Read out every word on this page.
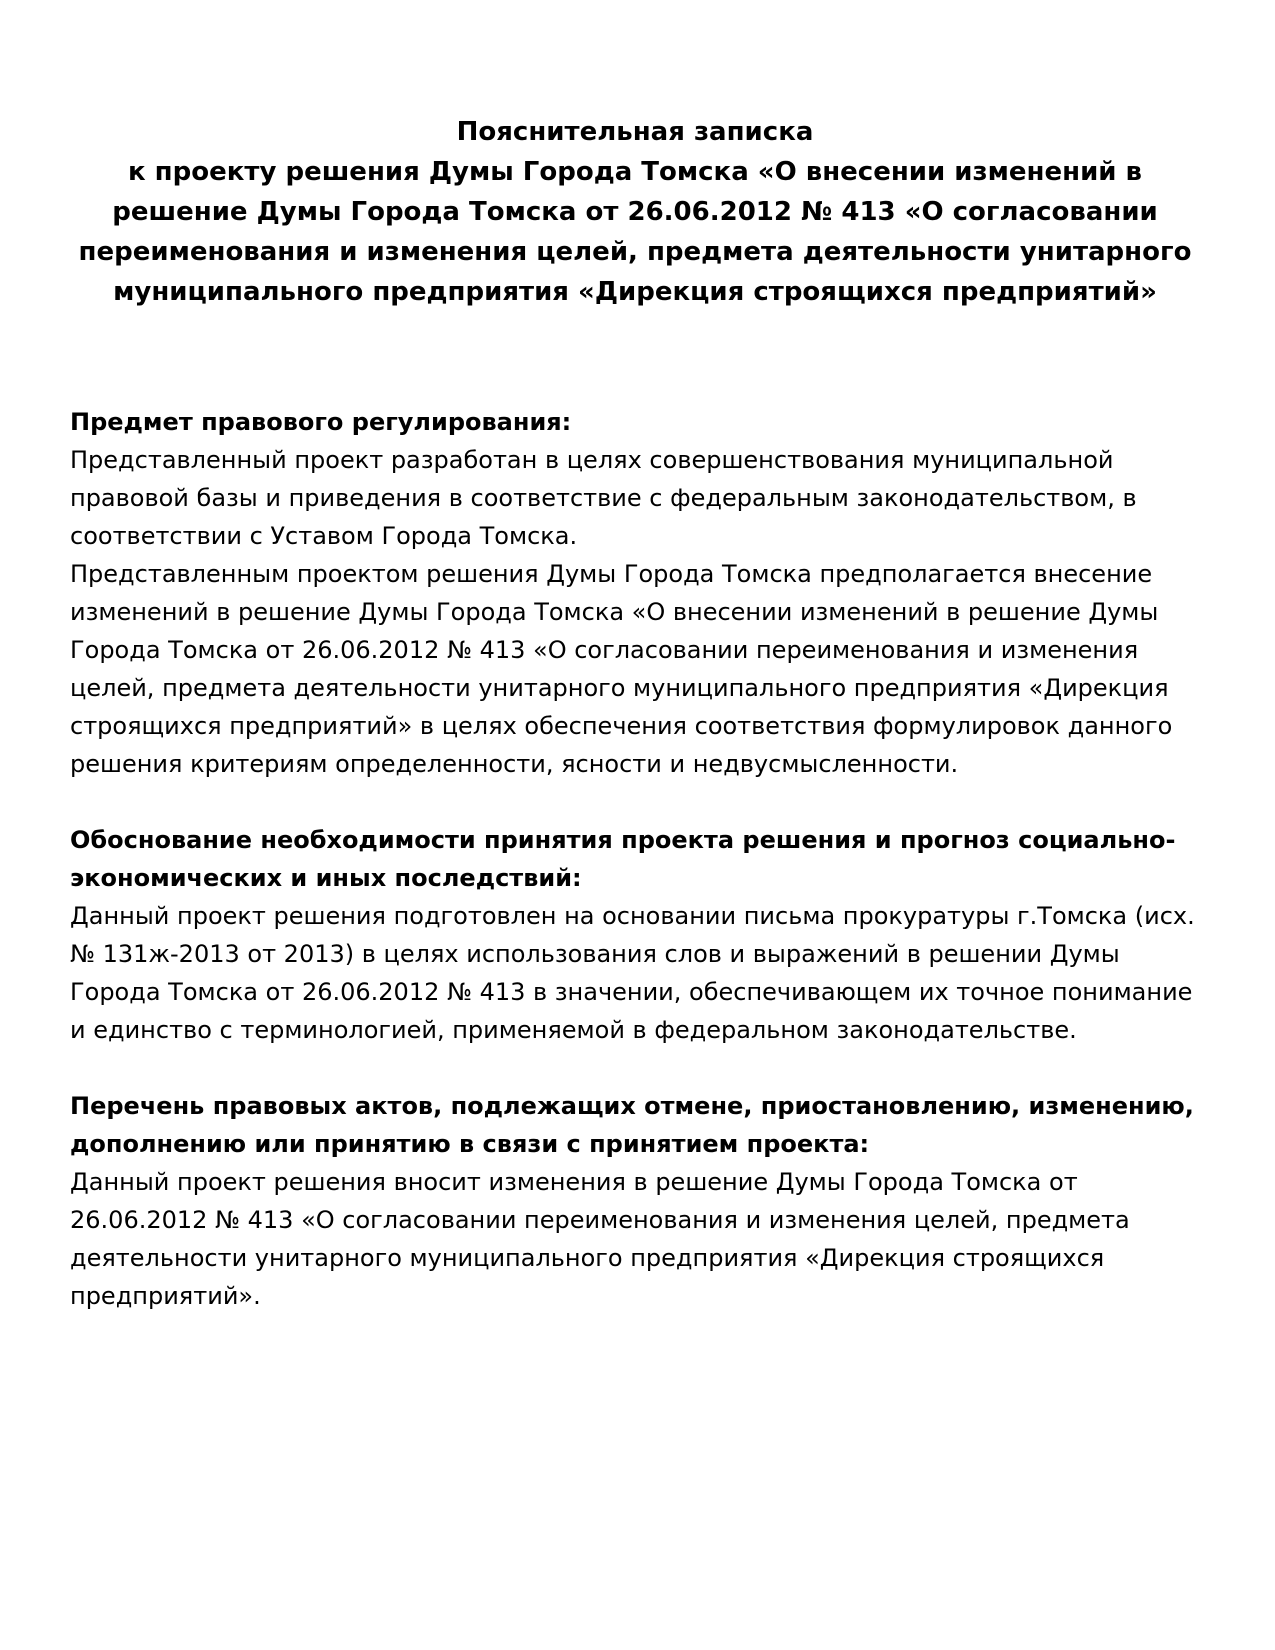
Пояснительная записка

к проекту решения Думы Города Томска «О внесении изменений в решение Думы Города Томска от 26.06.2012 № 413 «О согласовании переименования и изменения целей, предмета деятельности унитарного муниципального предприятия «Дирекция строящихся предприятий»

Предмет правового регулирования:

Представленный проект разработан в целях совершенствования муниципальной правовой базы и приведения в соответствие с федеральным законодательством, в соответствии с Уставом Города Томска.

Представленным проектом решения Думы Города Томска предполагается внесение изменений в решение Думы Города Томска «О внесении изменений в решение Думы Города Томска от 26.06.2012 № 413 «О согласовании переименования и изменения целей, предмета деятельности унитарного муниципального предприятия «Дирекция строящихся предприятий» в целях обеспечения соответствия формулировок данного решения критериям определенности, ясности и недвусмысленности.

Обоснование необходимости принятия проекта решения и прогноз социально-экономических и иных последствий:

Данный проект решения подготовлен на основании письма прокуратуры г.Томска (исх.№ 131ж-2013 от 2013) в целях использования слов и выражений в решении Думы Города Томска от 26.06.2012 № 413 в значении, обеспечивающем их точное понимание и единство с терминологией, применяемой в федеральном законодательстве.

Перечень правовых актов, подлежащих отмене, приостановлению, изменению, дополнению или принятию в связи с принятием проекта:

Данный проект решения вносит изменения в решение Думы Города Томска от 26.06.2012 № 413 «О согласовании переименования и изменения целей, предмета деятельности унитарного муниципального предприятия «Дирекция строящихся предприятий».
